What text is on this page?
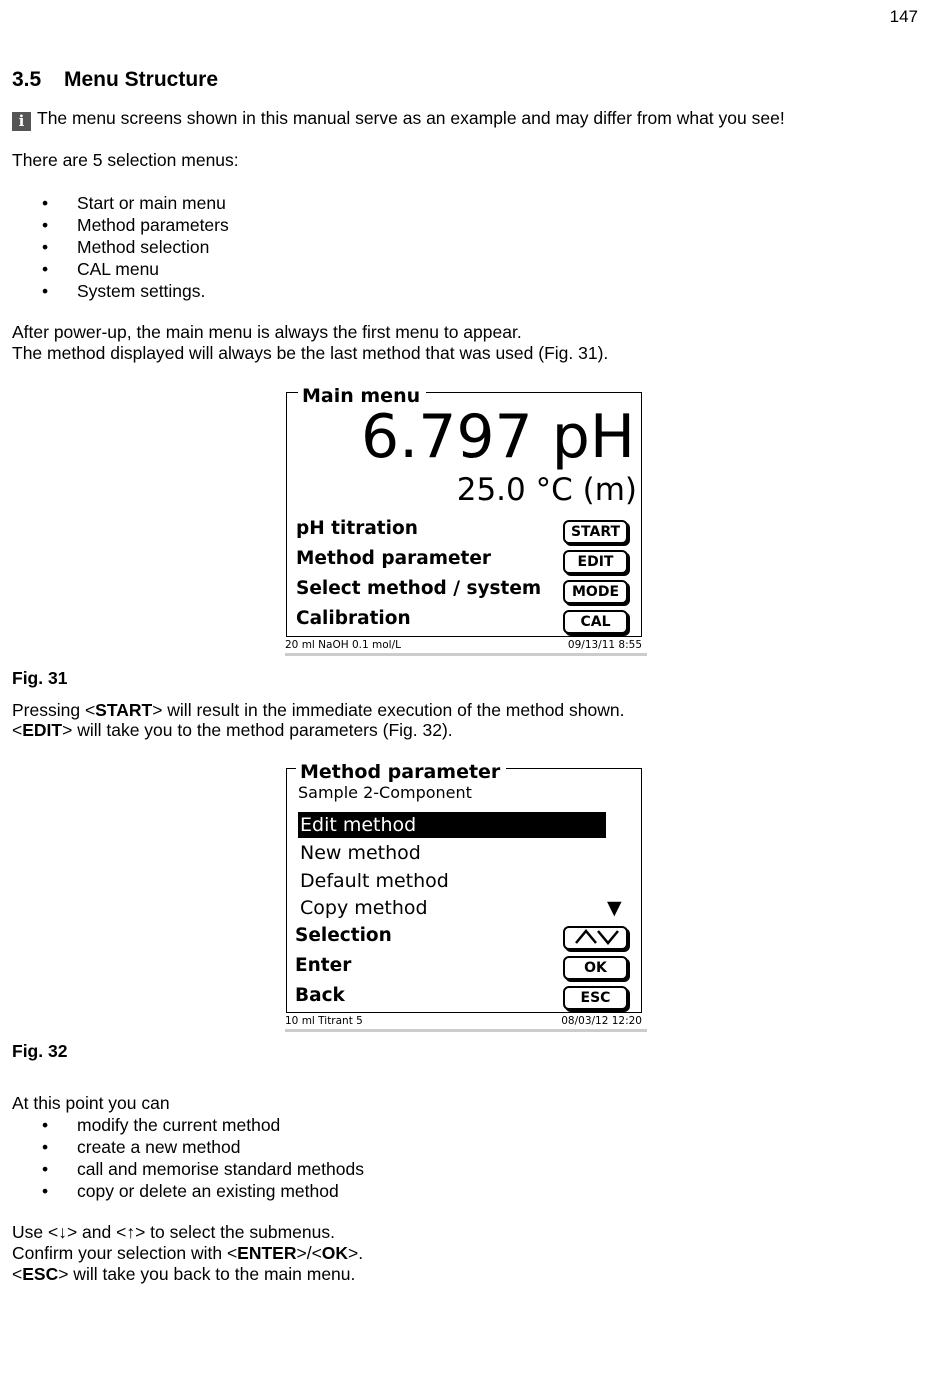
147
3.5 Menu Structure
i The menu screens shown in this manual serve as an example and may differ from what you see!
There are 5 selection menus:
• Start or main menu
• Method parameters
• Method selection
• CAL menu
• System settings.
After power-up, the main menu is always the first menu to appear.
The method displayed will always be the last method that was used (Fig. 31).
Main menu
6.797 pH
25.0 °C (m)
pH titration	START
Method parameter	EDIT
Select method / system	MODE
Calibration	CAL
20 ml NaOH 0.1 mol/L	09/13/11 8:55
Fig. 31
Pressing <START> will result in the immediate execution of the method shown.
<EDIT> will take you to the method parameters (Fig. 32).
Method parameter
Sample 2-Component
Edit method
New method
Default method
Copy method	▼
Selection
Enter	OK
Back	ESC
10 ml Titrant 5	08/03/12 12:20
Fig. 32
At this point you can
• modify the current method
• create a new method
• call and memorise standard methods
• copy or delete an existing method
Use <↓> and <↑> to select the submenus.
Confirm your selection with <ENTER>/<OK>.
<ESC> will take you back to the main menu.
